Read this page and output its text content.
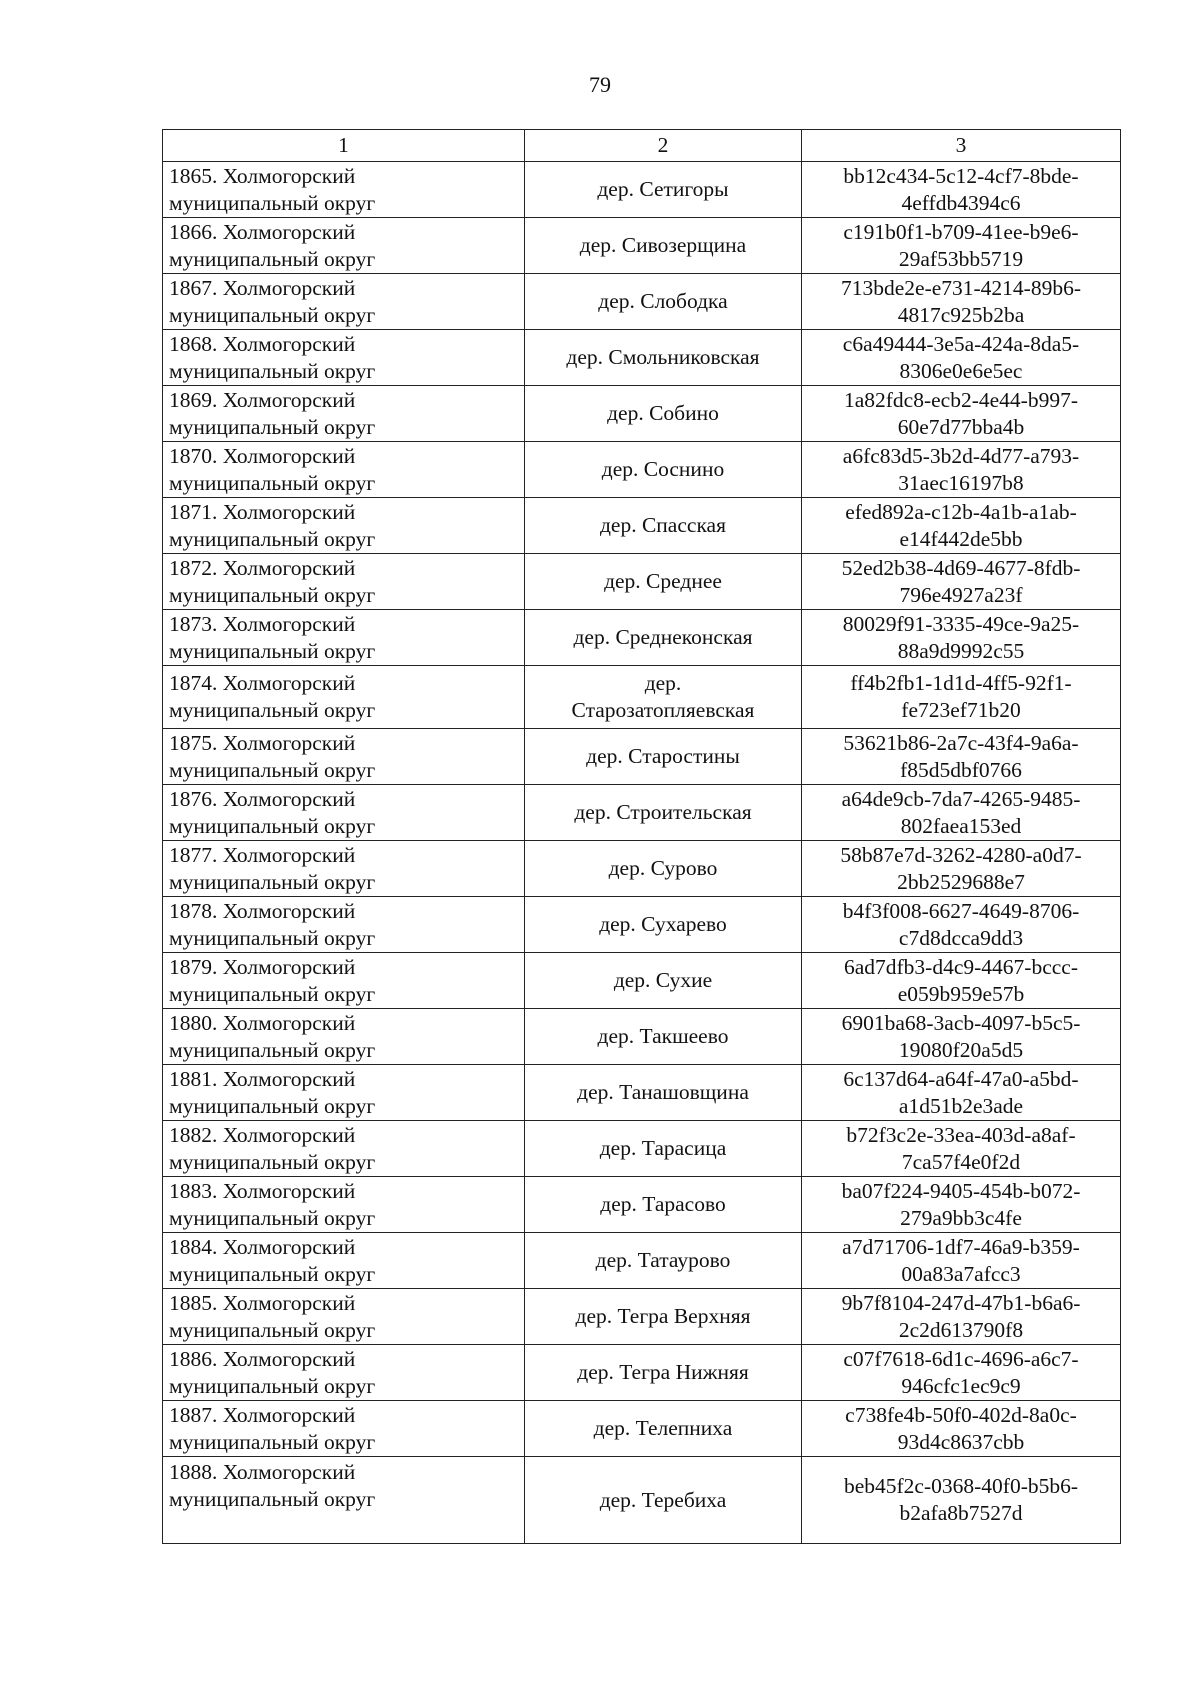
79
1	2	3

1865. Холмогорский
муниципальный округ	дер. Сетигоры	bb12c434-5c12-4cf7-8bde-
4effdb4394c6

1866. Холмогорский
муниципальный округ	дер. Сивозерщина	c191b0f1-b709-41ee-b9e6-
29af53bb5719

1867. Холмогорский
муниципальный округ	дер. Слободка	713bde2e-e731-4214-89b6-
4817c925b2ba

1868. Холмогорский
муниципальный округ	дер. Смольниковская	c6a49444-3e5a-424a-8da5-
8306e0e6e5ec

1869. Холмогорский
муниципальный округ	дер. Собино	1a82fdc8-ecb2-4e44-b997-
60e7d77bba4b

1870. Холмогорский
муниципальный округ	дер. Соснино	a6fc83d5-3b2d-4d77-a793-
31aec16197b8

1871. Холмогорский
муниципальный округ	дер. Спасская	efed892a-c12b-4a1b-a1ab-
e14f442de5bb

1872. Холмогорский
муниципальный округ	дер. Среднее	52ed2b38-4d69-4677-8fdb-
796e4927a23f

1873. Холмогорский
муниципальный округ	дер. Среднеконская	80029f91-3335-49ce-9a25-
88a9d9992c55

1874. Холмогорский
муниципальный округ	дер.
Старозатопляевская	ff4b2fb1-1d1d-4ff5-92f1-
fe723ef71b20

1875. Холмогорский
муниципальный округ	дер. Старостины	53621b86-2a7c-43f4-9a6a-
f85d5dbf0766

1876. Холмогорский
муниципальный округ	дер. Строительская	a64de9cb-7da7-4265-9485-
802faea153ed

1877. Холмогорский
муниципальный округ	дер. Сурово	58b87e7d-3262-4280-a0d7-
2bb2529688e7

1878. Холмогорский
муниципальный округ	дер. Сухарево	b4f3f008-6627-4649-8706-
c7d8dcca9dd3

1879. Холмогорский
муниципальный округ	дер. Сухие	6ad7dfb3-d4c9-4467-bccc-
e059b959e57b

1880. Холмогорский
муниципальный округ	дер. Такшеево	6901ba68-3acb-4097-b5c5-
19080f20a5d5

1881. Холмогорский
муниципальный округ	дер. Танашовщина	6c137d64-a64f-47a0-a5bd-
a1d51b2e3ade

1882. Холмогорский
муниципальный округ	дер. Тарасица	b72f3c2e-33ea-403d-a8af-
7ca57f4e0f2d

1883. Холмогорский
муниципальный округ	дер. Тарасово	ba07f224-9405-454b-b072-
279a9bb3c4fe

1884. Холмогорский
муниципальный округ	дер. Татаурово	a7d71706-1df7-46a9-b359-
00a83a7afcc3

1885. Холмогорский
муниципальный округ	дер. Тегра Верхняя	9b7f8104-247d-47b1-b6a6-
2c2d613790f8

1886. Холмогорский
муниципальный округ	дер. Тегра Нижняя	c07f7618-6d1c-4696-a6c7-
946cfc1ec9c9

1887. Холмогорский
муниципальный округ	дер. Телепниха	c738fe4b-50f0-402d-8a0c-
93d4c8637cbb

1888. Холмогорский
муниципальный округ	дер. Теребиха	beb45f2c-0368-40f0-b5b6-
b2afa8b7527d
